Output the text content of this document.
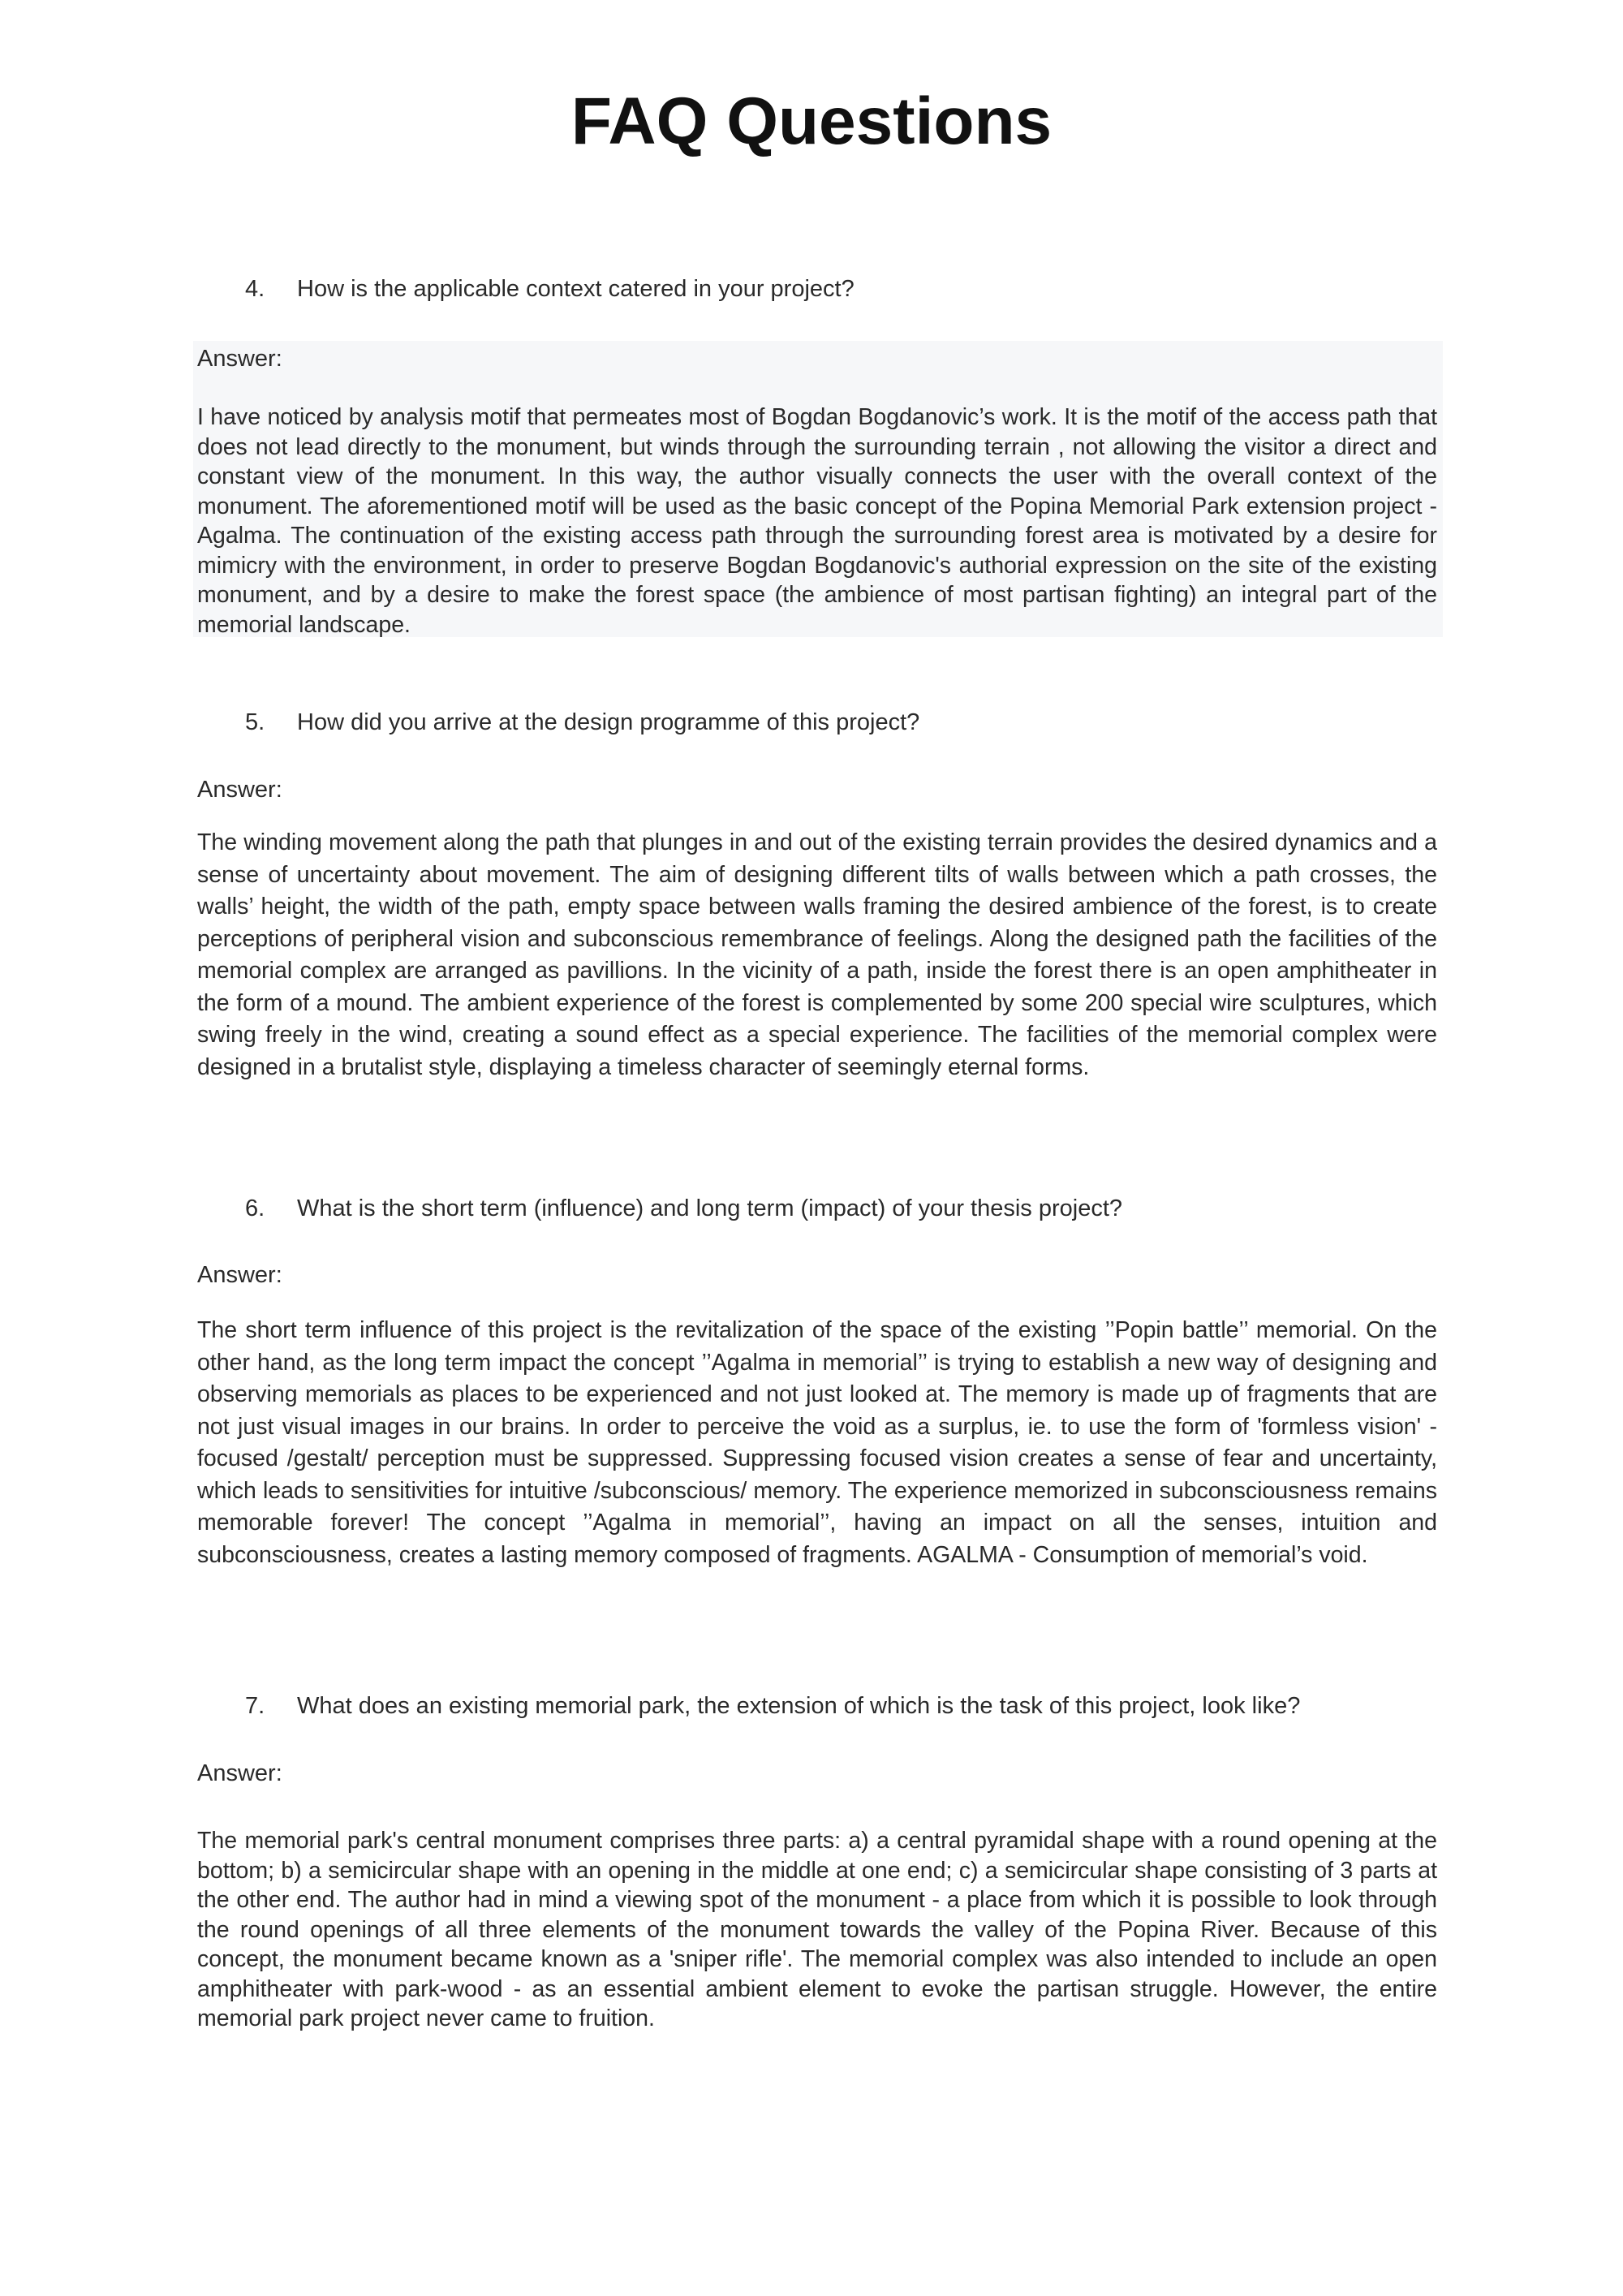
FAQ Questions

4. How is the applicable context catered in your project?

Answer:

I have noticed by analysis motif that permeates most of Bogdan Bogdanovic’s work. It is the motif of the access path that does not lead directly to the monument, but winds through the surrounding terrain , not allowing the visitor a direct and constant view of the monument. In this way, the author visually connects the user with the overall context of the monument. The aforementioned motif will be used as the basic concept of the Popina Memorial Park extension project - Agalma. The continuation of the existing access path through the surrounding forest area is motivated by a desire for mimicry with the environment, in order to preserve Bogdan Bogdanovic's authorial expression on the site of the existing monument, and by a desire to make the forest space (the ambience of most partisan fighting) an integral part of the memorial landscape.

5. How did you arrive at the design programme of this project?

Answer:

The winding movement along the path that plunges in and out of the existing terrain provides the desired dynamics and a sense of uncertainty about movement. The aim of designing different tilts of walls between which a path crosses, the walls’ height, the width of the path, empty space between walls framing the desired ambience of the forest, is to create perceptions of peripheral vision and subconscious remembrance of feelings. Along the designed path the facilities of the memorial complex are arranged as pavillions. In the vicinity of a path, inside the forest there is an open amphitheater in the form of a mound. The ambient experience of the forest is complemented by some 200 special wire sculptures, which swing freely in the wind, creating a sound effect as a special experience. The facilities of the memorial complex were designed in a brutalist style, displaying a timeless character of seemingly eternal forms.

6. What is the short term (influence) and long term (impact) of your thesis project?

Answer:

The short term influence of this project is the revitalization of the space of the existing ’’Popin battle’’ memorial. On the other hand, as the long term impact the concept ’’Agalma in memorial’’ is trying to establish a new way of designing and observing memorials as places to be experienced and not just looked at. The memory is made up of fragments that are not just visual images in our brains. In order to perceive the void as a surplus, ie. to use the form of 'formless vision' - focused /gestalt/ perception must be suppressed. Suppressing focused vision creates a sense of fear and uncertainty, which leads to sensitivities for intuitive /subconscious/ memory. The experience memorized in subconsciousness remains memorable forever! The concept ’’Agalma in memorial’’, having an impact on all the senses, intuition and subconsciousness, creates a lasting memory composed of fragments. AGALMA - Consumption of memorial’s void.

7. What does an existing memorial park, the extension of which is the task of this project, look like?

Answer:

The memorial park's central monument comprises three parts: a) a central pyramidal shape with a round opening at the bottom; b) a semicircular shape with an opening in the middle at one end; c) a semicircular shape consisting of 3 parts at the other end. The author had in mind a viewing spot of the monument - a place from which it is possible to look through the round openings of all three elements of the monument towards the valley of the Popina River. Because of this concept, the monument became known as a 'sniper rifle'. The memorial complex was also intended to include an open amphitheater with park-wood - as an essential ambient element to evoke the partisan struggle. However, the entire memorial park project never came to fruition.
